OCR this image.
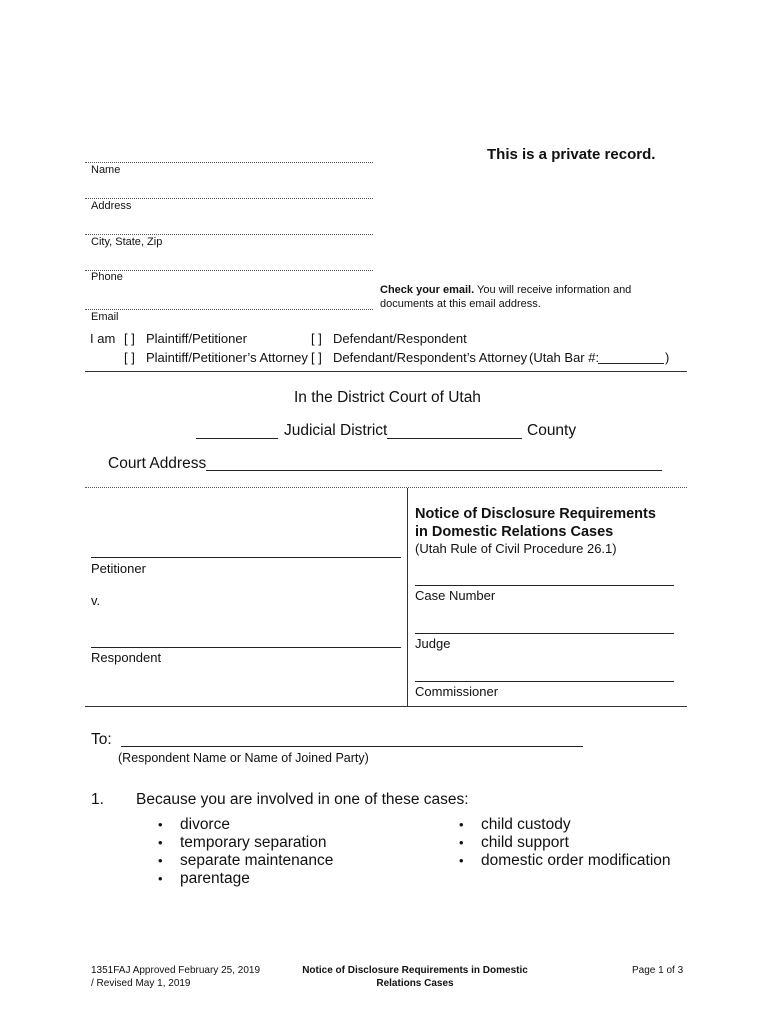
This is a private record.
Name
Address
City, State, Zip
Phone
Email
Check your email. You will receive information and
documents at this email address.
I am [ ] Plaintiff/Petitioner	[ ] Defendant/Respondent
[ ] Plaintiff/Petitioner’s Attorney [ ] Defendant/Respondent’s Attorney (Utah Bar #:	)
In the District Court of Utah
Judicial District	County
Court Address
Petitioner
v.
Respondent
Notice of Disclosure Requirements
in Domestic Relations Cases
(Utah Rule of Civil Procedure 26.1)
Case Number
Judge
Commissioner
To:
(Respondent Name or Name of Joined Party)
1. Because you are involved in one of these cases:
• divorce
• temporary separation
• separate maintenance
• parentage
• child custody
• child support
• domestic order modification
1351FAJ Approved February 25, 2019
/ Revised May 1, 2019
Notice of Disclosure Requirements in Domestic
Relations Cases
Page 1 of 3
